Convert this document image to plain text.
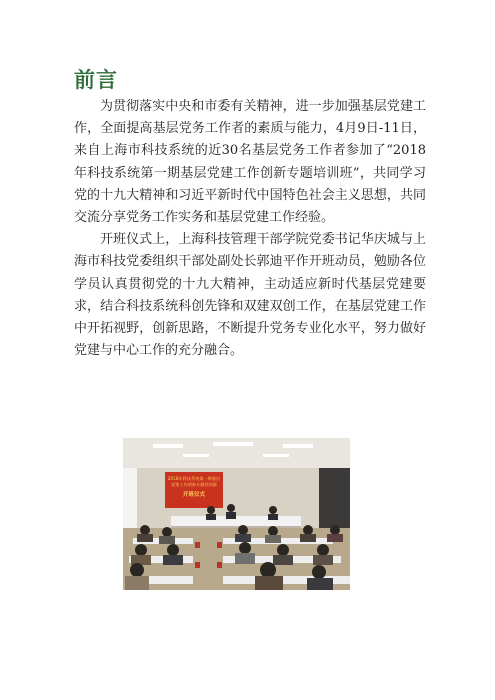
前言

为贯彻落实中央和市委有关精神，进一步加强基层党建工作，全面提高基层党务工作者的素质与能力，4月9日-11日，来自上海市科技系统的近30名基层党务工作者参加了“2018年科技系统第一期基层党建工作创新专题培训班”，共同学习党的十九大精神和习近平新时代中国特色社会主义思想，共同交流分享党务工作实务和基层党建工作经验。

开班仪式上，上海科技管理干部学院党委书记华庆城与上海市科技党委组织干部处副处长郭迪平作开班动员，勉励各位学员认真贯彻党的十九大精神，主动适应新时代基层党建要求，结合科技系统科创先锋和双建双创工作，在基层党建工作中开拓视野，创新思路，不断提升党务专业化水平，努力做好党建与中心工作的充分融合。

2018年科技系统第一期基层
党建工作创新专题培训班
开班仪式
